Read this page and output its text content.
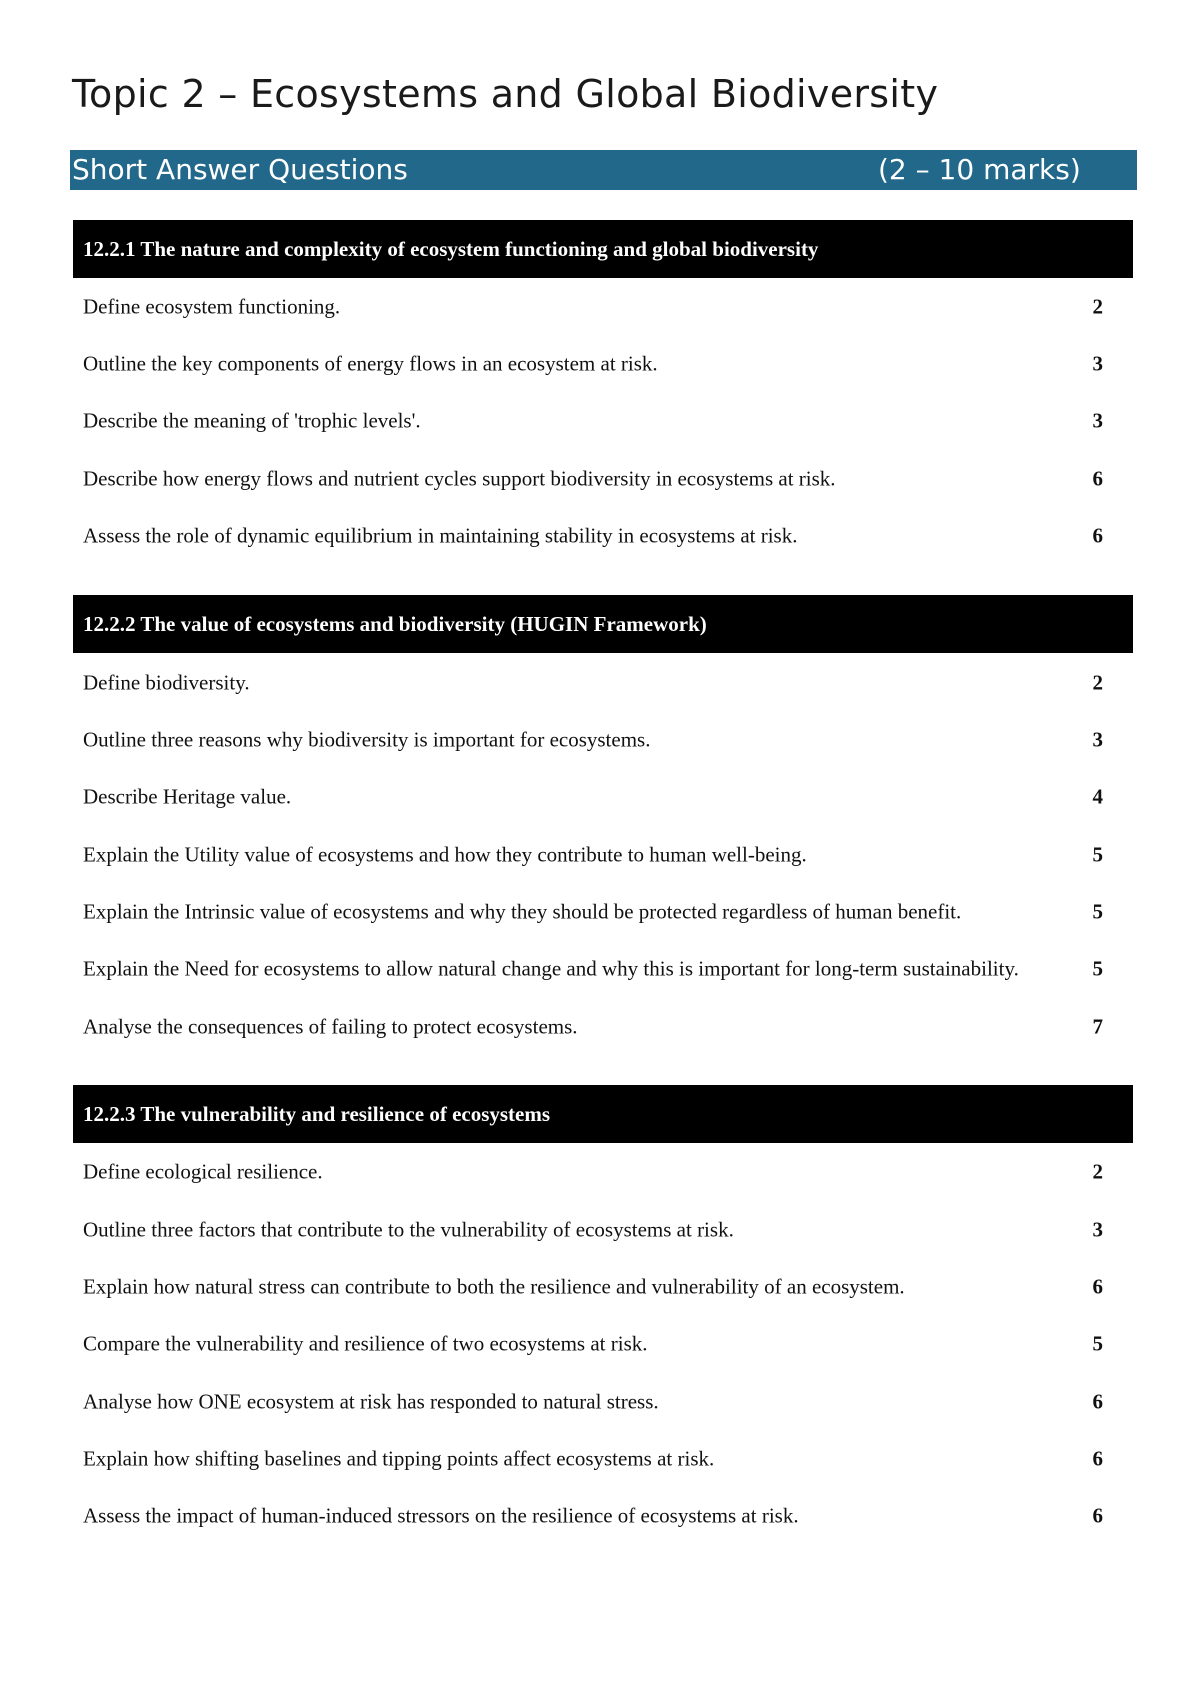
Topic 2 – Ecosystems and Global Biodiversity
Short Answer Questions	(2 – 10 marks)
12.2.1 The nature and complexity of ecosystem functioning and global biodiversity
Define ecosystem functioning.	2
Outline the key components of energy flows in an ecosystem at risk.	3
Describe the meaning of 'trophic levels'.	3
Describe how energy flows and nutrient cycles support biodiversity in ecosystems at risk.	6
Assess the role of dynamic equilibrium in maintaining stability in ecosystems at risk.	6
12.2.2 The value of ecosystems and biodiversity (HUGIN Framework)
Define biodiversity.	2
Outline three reasons why biodiversity is important for ecosystems.	3
Describe Heritage value.	4
Explain the Utility value of ecosystems and how they contribute to human well-being.	5
Explain the Intrinsic value of ecosystems and why they should be protected regardless of human benefit.	5
Explain the Need for ecosystems to allow natural change and why this is important for long-term sustainability.	5
Analyse the consequences of failing to protect ecosystems.	7
12.2.3 The vulnerability and resilience of ecosystems
Define ecological resilience.	2
Outline three factors that contribute to the vulnerability of ecosystems at risk.	3
Explain how natural stress can contribute to both the resilience and vulnerability of an ecosystem.	6
Compare the vulnerability and resilience of two ecosystems at risk.	5
Analyse how ONE ecosystem at risk has responded to natural stress.	6
Explain how shifting baselines and tipping points affect ecosystems at risk.	6
Assess the impact of human-induced stressors on the resilience of ecosystems at risk.	6
